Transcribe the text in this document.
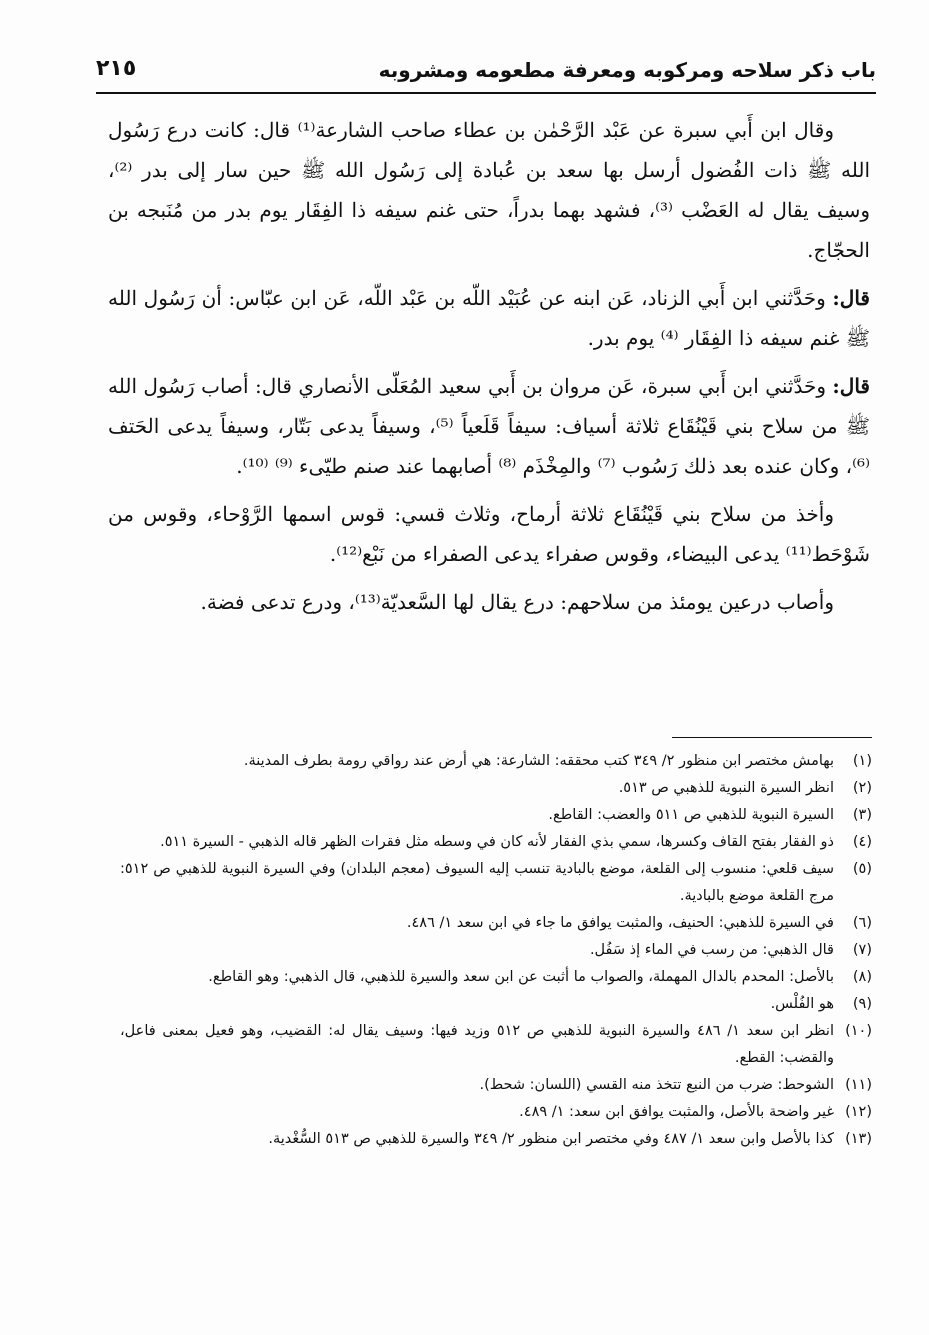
باب ذكر سلاحه ومركوبه ومعرفة مطعومه ومشروبه
٢١٥

وقال ابن أَبي سبرة عن عَبْد الرَّحْمٰن بن عطاء صاحب الشارعة⁽¹⁾ قال: كانت درع رَسُول الله ﷺ ذات الفُضول أرسل بها سعد بن عُبادة إلى رَسُول الله ﷺ حين سار إلى بدر ⁽²⁾، وسيف يقال له العَضْب ⁽³⁾، فشهد بهما بدراً، حتى غنم سيفه ذا الفِقَار يوم بدر من مُنَبجه بن الحجّاج.

قال: وحَدَّثني ابن أَبي الزناد، عَن ابنه عن عُبَيْد اللّه بن عَبْد اللّه، عَن ابن عبّاس: أن رَسُول الله ﷺ غنم سيفه ذا الفِقَار ⁽⁴⁾ يوم بدر.

قال: وحَدَّثني ابن أَبي سبرة، عَن مروان بن أَبي سعيد المُعَلّى الأنصاري قال: أصاب رَسُول الله ﷺ من سلاح بني قَيْنُقَاع ثلاثة أسياف: سيفاً قَلَعياً ⁽⁵⁾، وسيفاً يدعى بَتّار، وسيفاً يدعى الحَتف ⁽⁶⁾، وكان عنده بعد ذلك رَسُوب ⁽⁷⁾ والمِخْذَم ⁽⁸⁾ أصابهما عند صنم طيّىء ⁽⁹⁾ ⁽¹⁰⁾.

وأخذ من سلاح بني قَيْنُقَاع ثلاثة أرماح، وثلاث قسي: قوس اسمها الرَّوْحاء، وقوس من شَوْحَط⁽¹¹⁾ يدعى البيضاء، وقوس صفراء يدعى الصفراء من نَبْع⁽¹²⁾.

وأصاب درعين يومئذ من سلاحهم: درع يقال لها السَّعديّة⁽¹³⁾، ودرع تدعى فضة.

(١)
بهامش مختصر ابن منظور ٢/ ٣٤٩ كتب محققه: الشارعة: هي أرض عند رواقي رومة بطرف المدينة.
(٢)
انظر السيرة النبوية للذهبي ص ٥١٣.
(٣)
السيرة النبوية للذهبي ص ٥١١ والعضب: القاطع.
(٤)
ذو الفقار بفتح القاف وكسرها، سمي بذي الفقار لأنه كان في وسطه مثل فقرات الظهر قاله الذهبي - السيرة ٥١١.
(٥)
سيف قلعي: منسوب إلى القلعة، موضع بالبادية تنسب إليه السيوف (معجم البلدان) وفي السيرة النبوية للذهبي ص ٥١٢: مرج القلعة موضع بالبادية.
(٦)
في السيرة للذهبي: الحنيف، والمثبت يوافق ما جاء في ابن سعد ١/ ٤٨٦.
(٧)
قال الذهبي: من رسب في الماء إذ سَفُل.
(٨)
بالأصل: المحدم بالدال المهملة، والصواب ما أثبت عن ابن سعد والسيرة للذهبي، قال الذهبي: وهو القاطع.
(٩)
هو الفُلْس.
(١٠)
انظر ابن سعد ١/ ٤٨٦ والسيرة النبوية للذهبي ص ٥١٢ وزيد فيها: وسيف يقال له: القضيب، وهو فعيل بمعنى فاعل، والقضب: القطع.
(١١)
الشوحط: ضرب من النبع تتخذ منه القسي (اللسان: شحط).
(١٢)
غير واضحة بالأصل، والمثبت يوافق ابن سعد: ١/ ٤٨٩.
(١٣)
كذا بالأصل وابن سعد ١/ ٤٨٧ وفي مختصر ابن منظور ٢/ ٣٤٩ والسيرة للذهبي ص ٥١٣ السُّغْدية.
